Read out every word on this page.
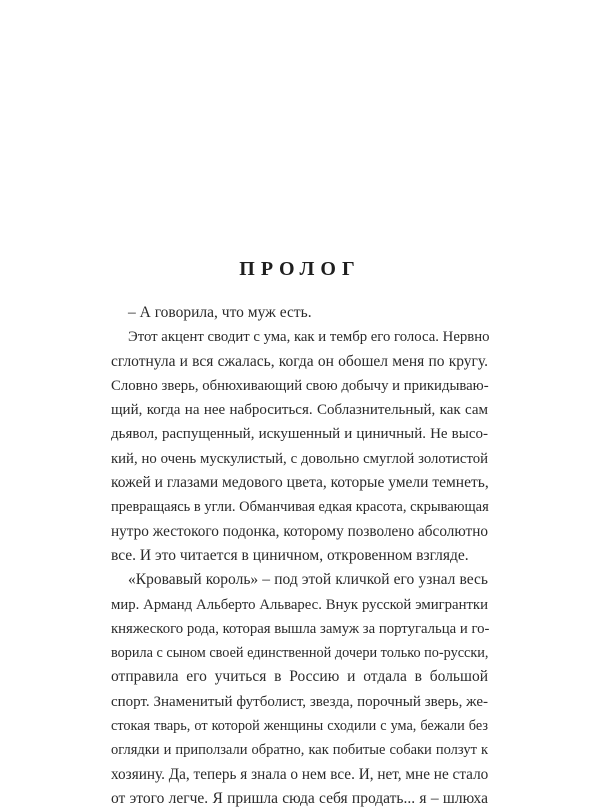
ПРОЛОГ
– А говорила, что муж есть.
Этот акцент сводит с ума, как и тембр его голоса. Нервно
сглотнула и вся сжалась, когда он обошел меня по кругу.
Словно зверь, обнюхивающий свою добычу и прикидываю-
щий, когда на нее наброситься. Соблазнительный, как сам
дьявол, распущенный, искушенный и циничный. Не высо-
кий, но очень мускулистый, с довольно смуглой золотистой
кожей и глазами медового цвета, которые умели темнеть,
превращаясь в угли. Обманчивая едкая красота, скрывающая
нутро жестокого подонка, которому позволено абсолютно
все. И это читается в циничном, откровенном взгляде.
«Кровавый король» – под этой кличкой его узнал весь
мир. Арманд Альберто Альварес. Внук русской эмигрантки
княжеского рода, которая вышла замуж за португальца и го-
ворила с сыном своей единственной дочери только по-русски,
отправила его учиться в Россию и отдала в большой
спорт. Знаменитый футболист, звезда, порочный зверь, же-
стокая тварь, от которой женщины сходили с ума, бежали без
оглядки и приползали обратно, как побитые собаки ползут к
хозяину. Да, теперь я знала о нем все. И, нет, мне не стало
от этого легче. Я пришла сюда себя продать... я – шлюха
